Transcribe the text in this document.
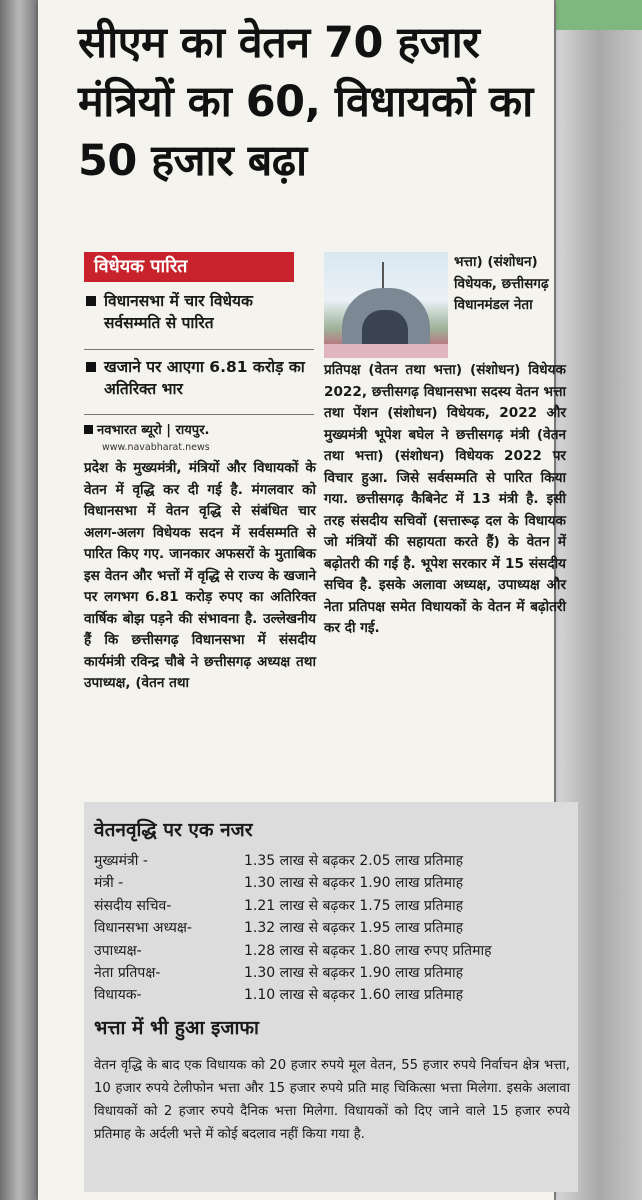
सीएम का वेतन 70 हजार मंत्रियों का 60, विधायकों का 50 हजार बढ़ा
विधेयक पारित
विधानसभा में चार विधेयक सर्वसम्मति से पारित
खजाने पर आएगा 6.81 करोड़ का अतिरिक्त भार
नवभारत ब्यूरो | रायपुर.
www.navabharat.news
प्रदेश के मुख्यमंत्री, मंत्रियों और विधायकों के वेतन में वृद्धि कर दी गई है. मंगलवार को विधानसभा में वेतन वृद्धि से संबंधित चार अलग-अलग विधेयक सदन में सर्वसम्मति से पारित किए गए. जानकार अफसरों के मुताबिक इस वेतन और भत्तों में वृद्धि से राज्य के खजाने पर लगभग 6.81 करोड़ रुपए का अतिरिक्त वार्षिक बोझ पड़ने की संभावना है. उल्लेखनीय हैं कि छत्तीसगढ़ विधानसभा में संसदीय कार्यमंत्री रविन्द्र चौबे ने छत्तीसगढ़ अध्यक्ष तथा उपाध्यक्ष, (वेतन तथा
भत्ता) (संशोधन) विधेयक, छत्तीसगढ़ विधानमंडल नेता
प्रतिपक्ष (वेतन तथा भत्ता) (संशोधन) विधेयक 2022, छत्तीसगढ़ विधानसभा सदस्य वेतन भत्ता तथा पेंशन (संशोधन) विधेयक, 2022 और मुख्यमंत्री भूपेश बघेल ने छत्तीसगढ़ मंत्री (वेतन तथा भत्ता) (संशोधन) विधेयक 2022 पर विचार हुआ. जिसे सर्वसम्मति से पारित किया गया. छत्तीसगढ़ कैबिनेट में 13 मंत्री है. इसी तरह संसदीय सचिवों (सत्तारूढ़ दल के विधायक जो मंत्रियों की सहायता करते हैं) के वेतन में बढ़ोतरी की गई है. भूपेश सरकार में 15 संसदीय सचिव है. इसके अलावा अध्यक्ष, उपाध्यक्ष और नेता प्रतिपक्ष समेत विधायकों के वेतन में बढ़ोतरी कर दी गई.
वेतनवृद्धि पर एक नजर
मुख्यमंत्री -	1.35 लाख से बढ़कर 2.05 लाख प्रतिमाह
मंत्री -	1.30 लाख से बढ़कर 1.90 लाख प्रतिमाह
संसदीय सचिव-	1.21 लाख से बढ़कर 1.75 लाख प्रतिमाह
विधानसभा अध्यक्ष-	1.32 लाख से बढ़कर 1.95 लाख प्रतिमाह
उपाध्यक्ष-	1.28 लाख से बढ़कर 1.80 लाख रुपए प्रतिमाह
नेता प्रतिपक्ष-	1.30 लाख से बढ़कर 1.90 लाख प्रतिमाह
विधायक-	1.10 लाख से बढ़कर 1.60 लाख प्रतिमाह
भत्ता में भी हुआ इजाफा
वेतन वृद्धि के बाद एक विधायक को 20 हजार रुपये मूल वेतन, 55 हजार रुपये निर्वाचन क्षेत्र भत्ता, 10 हजार रुपये टेलीफोन भत्ता और 15 हजार रुपये प्रति माह चिकित्सा भत्ता मिलेगा. इसके अलावा विधायकों को 2 हजार रुपये दैनिक भत्ता मिलेगा. विधायकों को दिए जाने वाले 15 हजार रुपये प्रतिमाह के अर्दली भत्ते में कोई बदलाव नहीं किया गया है.
